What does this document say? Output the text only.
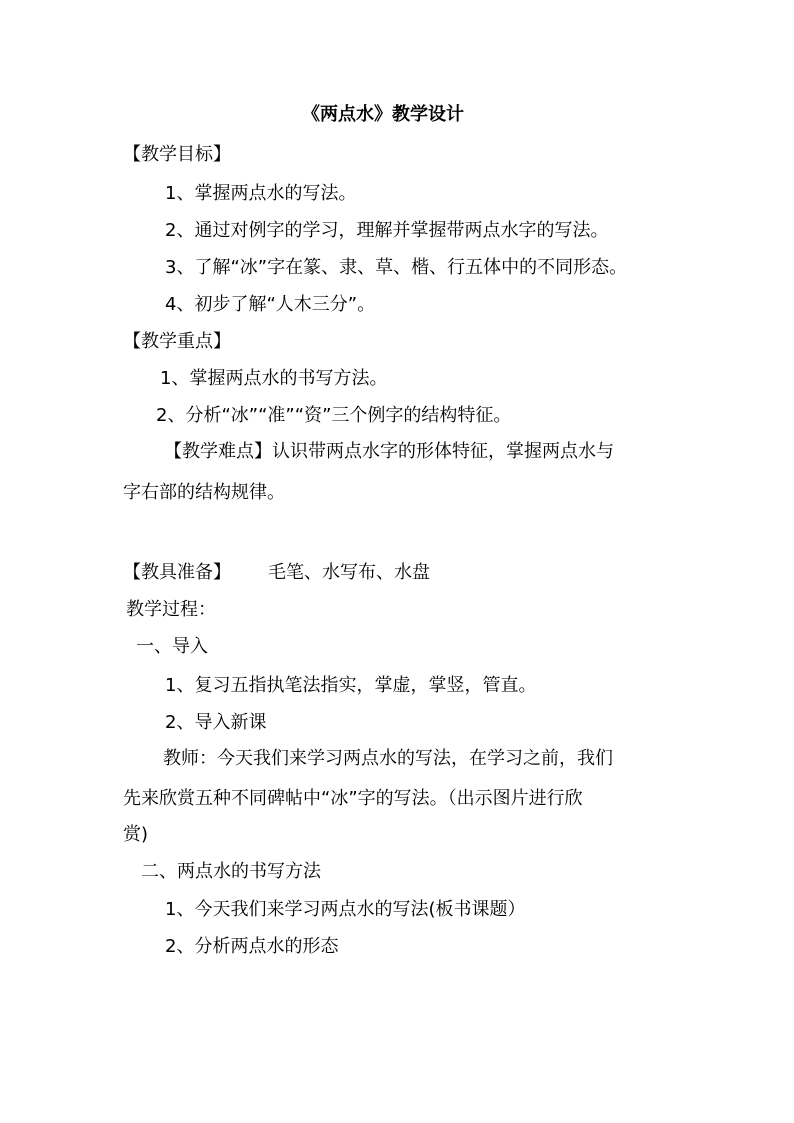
《两点水》教学设计
【教学目标】
1、掌握两点水的写法。
2、通过对例字的学习，理解并掌握带两点水字的写法。
3、了解“冰”字在篆、隶、草、楷、行五体中的不同形态。
4、初步了解“人木三分”。
【教学重点】
1、掌握两点水的书写方法。
2、分析“冰”“准”“资”三个例字的结构特征。
【教学难点】认识带两点水字的形体特征，掌握两点水与
字右部的结构规律。
【教具准备】 毛笔、水写布、水盘
教学过程：
一、导入
1、复习五指执笔法指实，掌虚，掌竖，管直。
2、导入新课
教师：今天我们来学习两点水的写法，在学习之前，我们
先来欣赏五种不同碑帖中“冰”字的写法。（出示图片进行欣
赏)
二、两点水的书写方法
1、今天我们来学习两点水的写法(板书课题）
2、分析两点水的形态
